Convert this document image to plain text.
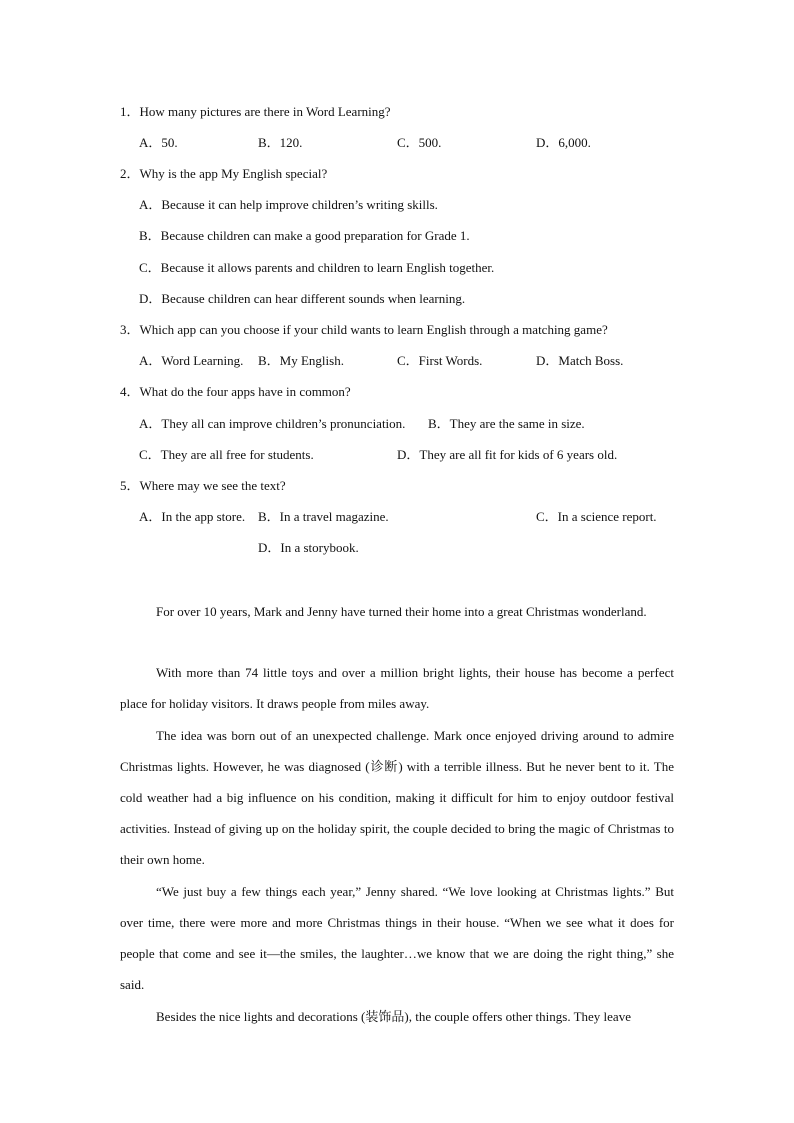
1．How many pictures are there in Word Learning?
A．50.	B．120.	C．500.	D．6,000.
2．Why is the app My English special?
A．Because it can help improve children’s writing skills.
B．Because children can make a good preparation for Grade 1.
C．Because it allows parents and children to learn English together.
D．Because children can hear different sounds when learning.
3．Which app can you choose if your child wants to learn English through a matching game?
A．Word Learning. B．My English.	C．First Words.	D．Match Boss.
4．What do the four apps have in common?
A．They all can improve children’s pronunciation. B．They are the same in size.
C．They are all free for students.	D．They are all fit for kids of 6 years old.
5．Where may we see the text?
A．In the app store. B．In a travel magazine.	C．In a science report.
D．In a storybook.
For over 10 years, Mark and Jenny have turned their home into a great Christmas wonderland.
With more than 74 little toys and over a million bright lights, their house has become a perfect place for holiday visitors. It draws people from miles away.
The idea was born out of an unexpected challenge. Mark once enjoyed driving around to admire Christmas lights. However, he was diagnosed (诊断) with a terrible illness. But he never bent to it. The cold weather had a big influence on his condition, making it difficult for him to enjoy outdoor festival activities. Instead of giving up on the holiday spirit, the couple decided to bring the magic of Christmas to their own home.
“We just buy a few things each year,” Jenny shared. “We love looking at Christmas lights.” But over time, there were more and more Christmas things in their house. “When we see what it does for people that come and see it—the smiles, the laughter…we know that we are doing the right thing,” she said.
Besides the nice lights and decorations (装饰品), the couple offers other things. They leave
